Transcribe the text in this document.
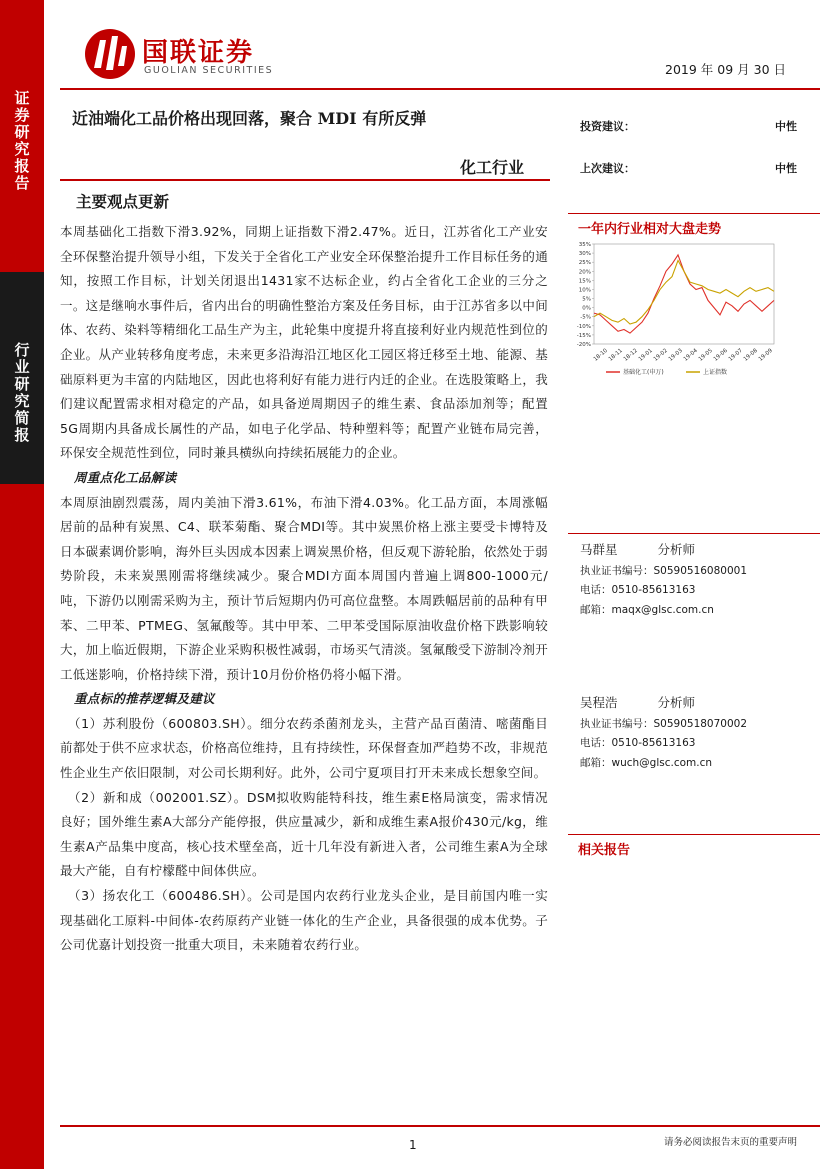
证
券
研
究
报
告
行
业
研
究
简
报
国联证券
GUOLIAN SECURITIES	2019 年 09 月 30 日
近油端化工品价格出现回落，聚合 MDI 有所反弹
化工行业
主要观点更新

本周基础化工指数下滑3.92%，同期上证指数下滑2.47%。近日，江苏省化工产业安全环保整治提升领导小组，下发关于全省化工产业安全环保整治提升工作目标任务的通知，按照工作目标，计划关闭退出1431家不达标企业，约占全省化工企业的三分之一。这是继响水事件后，省内出台的明确性整治方案及任务目标，由于江苏省多以中间体、农药、染料等精细化工品生产为主，此轮集中度提升将直接利好业内规范性到位的企业。从产业转移角度考虑，未来更多沿海沿江地区化工园区将迁移至土地、能源、基础原料更为丰富的内陆地区，因此也将利好有能力进行内迁的企业。在选股策略上，我们建议配置需求相对稳定的产品，如具备逆周期因子的维生素、食品添加剂等；配置5G周期内具备成长属性的产品，如电子化学品、特种塑料等；配置产业链布局完善，环保安全规范性到位，同时兼具横纵向持续拓展能力的企业。

周重点化工品解读

本周原油剧烈震荡，周内美油下滑3.61%，布油下滑4.03%。化工品方面，本周涨幅居前的品种有炭黑、C4、联苯菊酯、聚合MDI等。其中炭黑价格上涨主要受卡博特及日本碳素调价影响，海外巨头因成本因素上调炭黑价格，但反观下游轮胎，依然处于弱势阶段，未来炭黑刚需将继续减少。聚合MDI方面本周国内普遍上调800-1000元/吨，下游仍以刚需采购为主，预计节后短期内仍可高位盘整。本周跌幅居前的品种有甲苯、二甲苯、PTMEG、氢氟酸等。其中甲苯、二甲苯受国际原油收盘价格下跌影响较大，加上临近假期，下游企业采购积极性减弱，市场买气清淡。氢氟酸受下游制冷剂开工低迷影响，价格持续下滑，预计10月份价格仍将小幅下滑。

重点标的推荐逻辑及建议

（1）苏利股份（600803.SH）。细分农药杀菌剂龙头，主营产品百菌清、嘧菌酯目前都处于供不应求状态，价格高位维持，且有持续性，环保督查加严趋势不改，非规范性企业生产依旧限制，对公司长期利好。此外，公司宁夏项目打开未来成长想象空间。

（2）新和成（002001.SZ）。DSM拟收购能特科技，维生素E格局演变，需求情况良好；国外维生素A大部分产能停报，供应量减少，新和成维生素A报价430元/kg，维生素A产品集中度高，核心技术壁垒高，近十几年没有新进入者，公司维生素A为全球最大产能，自有柠檬醛中间体供应。

（3）扬农化工（600486.SH）。公司是国内农药行业龙头企业，是目前国内唯一实现基础化工原料-中间体-农药原药产业链一体化的生产企业，具备很强的成本优势。子公司优嘉计划投资一批重大项目，未来随着农药行业。

投资建议：	中性
上次建议：	中性
一年内行业相对大盘走势
35%
30%
25%
20%
15%
10%
5%
0%
-5%
-10%
-15%
-20%
18-10
18-11
18-12
19-01
19-02
19-03
19-04
19-05
19-06
19-07
19-08
19-09
基础化工(申万)	上证指数
马群星	分析师
执业证书编号：S0590516080001
电话：0510-85613163
邮箱：maqx@glsc.com.cn
吴程浩	分析师
执业证书编号：S0590518070002
电话：0510-85613163
邮箱：wuch@glsc.com.cn
相关报告
1	请务必阅读报告末页的重要声明
